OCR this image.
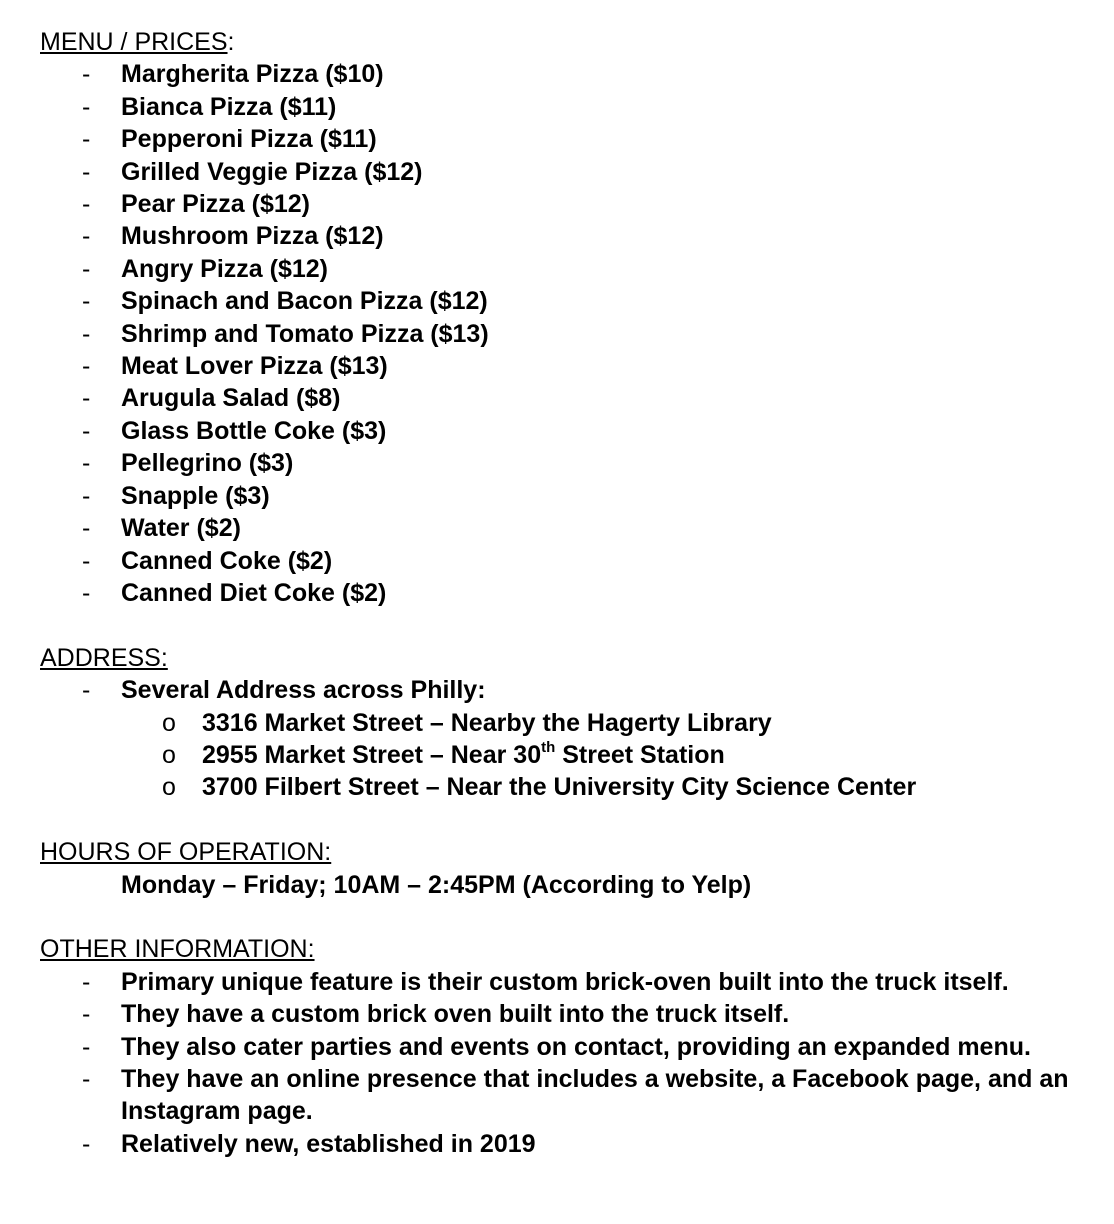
MENU / PRICES:

- Margherita Pizza ($10)
- Bianca Pizza ($11)
- Pepperoni Pizza ($11)
- Grilled Veggie Pizza ($12)
- Pear Pizza ($12)
- Mushroom Pizza ($12)
- Angry Pizza ($12)
- Spinach and Bacon Pizza ($12)
- Shrimp and Tomato Pizza ($13)
- Meat Lover Pizza ($13)
- Arugula Salad ($8)
- Glass Bottle Coke ($3)
- Pellegrino ($3)
- Snapple ($3)
- Water ($2)
- Canned Coke ($2)
- Canned Diet Coke ($2)

ADDRESS:

- Several Address across Philly:
o 3316 Market Street – Nearby the Hagerty Library
o 2955 Market Street – Near 30th Street Station
o 3700 Filbert Street – Near the University City Science Center

HOURS OF OPERATION:

Monday – Friday; 10AM – 2:45PM (According to Yelp)

OTHER INFORMATION:

- Primary unique feature is their custom brick-oven built into the truck itself.
- They have a custom brick oven built into the truck itself.
- They also cater parties and events on contact, providing an expanded menu.
- They have an online presence that includes a website, a Facebook page, and an Instagram page.
- Relatively new, established in 2019
